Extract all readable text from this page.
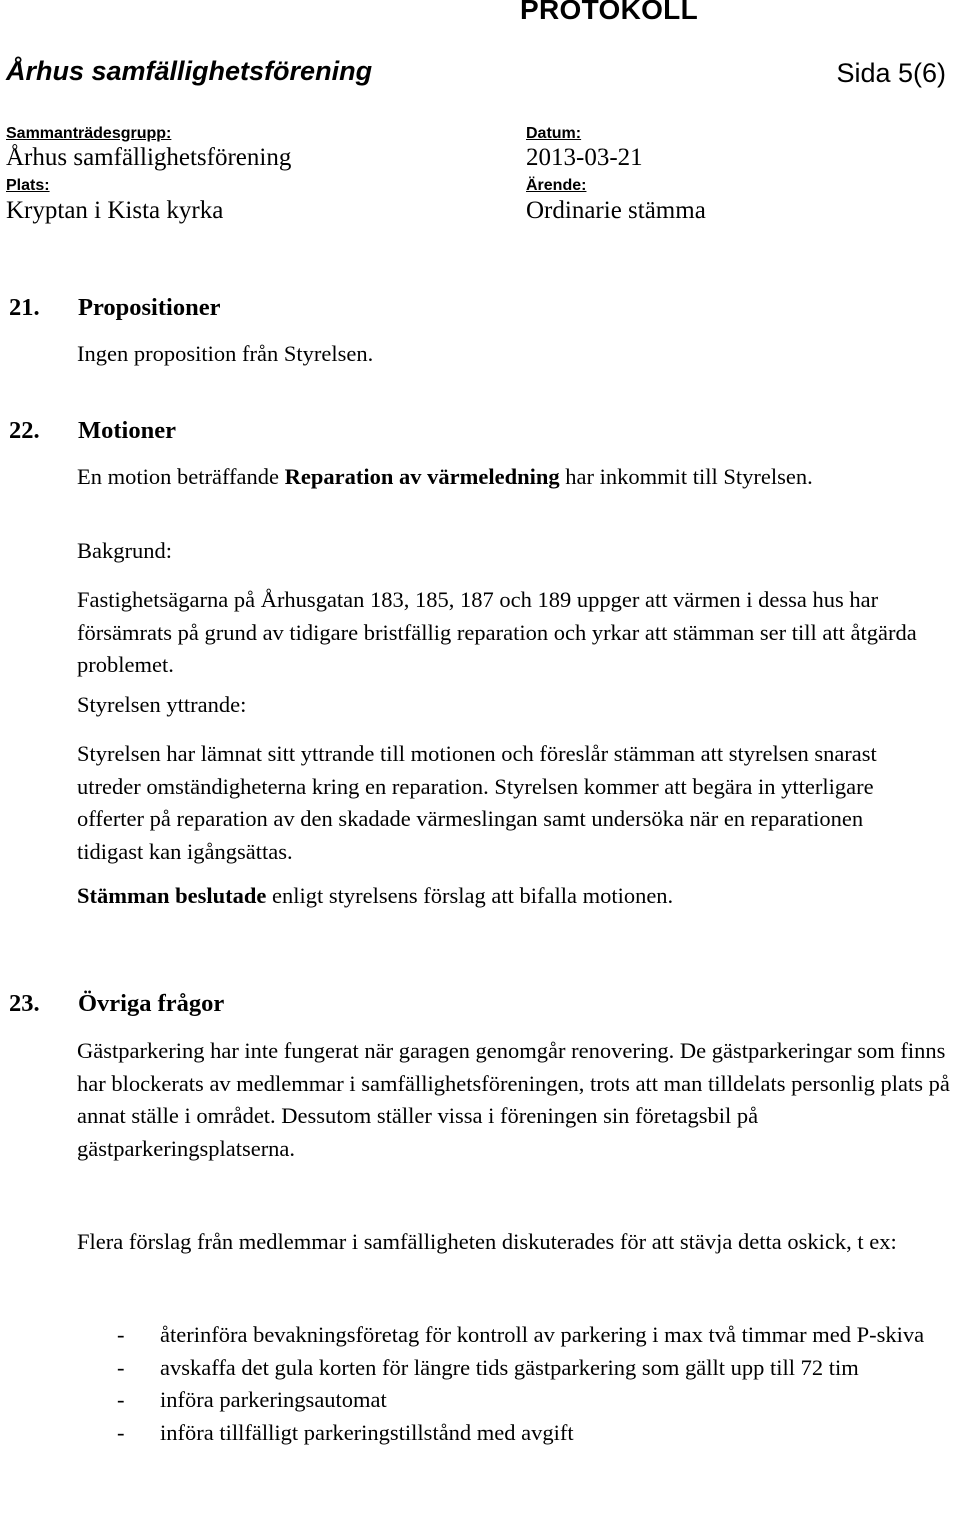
PROTOKOLL
Århus samfällighetsförening	Sida 5(6)
Sammanträdesgrupp:
Århus samfällighetsförening
Datum:
2013-03-21
Plats:
Kryptan i Kista kyrka
Ärende:
Ordinarie stämma
21. Propositioner
Ingen proposition från Styrelsen.
22. Motioner
En motion beträffande Reparation av värmeledning har inkommit till Styrelsen.
Bakgrund:
Fastighetsägarna på Århusgatan 183, 185, 187 och 189 uppger att värmen i dessa hus har försämrats på grund av tidigare bristfällig reparation och yrkar att stämman ser till att åtgärda problemet.
Styrelsen yttrande:
Styrelsen har lämnat sitt yttrande till motionen och föreslår stämman att styrelsen snarast utreder omständigheterna kring en reparation. Styrelsen kommer att begära in ytterligare offerter på reparation av den skadade värmeslingan samt undersöka när en reparationen tidigast kan igångsättas.
Stämman beslutade enligt styrelsens förslag att bifalla motionen.
23. Övriga frågor
Gästparkering har inte fungerat när garagen genomgår renovering. De gästparkeringar som finns har blockerats av medlemmar i samfällighetsföreningen, trots att man tilldelats personlig plats på annat ställe i området. Dessutom ställer vissa i föreningen sin företagsbil på gästparkeringsplatserna.
Flera förslag från medlemmar i samfälligheten diskuterades för att stävja detta oskick, t ex:
- återinföra bevakningsföretag för kontroll av parkering i max två timmar med P-skiva
- avskaffa det gula korten för längre tids gästparkering som gällt upp till 72 tim
- införa parkeringsautomat
- införa tillfälligt parkeringstillstånd med avgift
